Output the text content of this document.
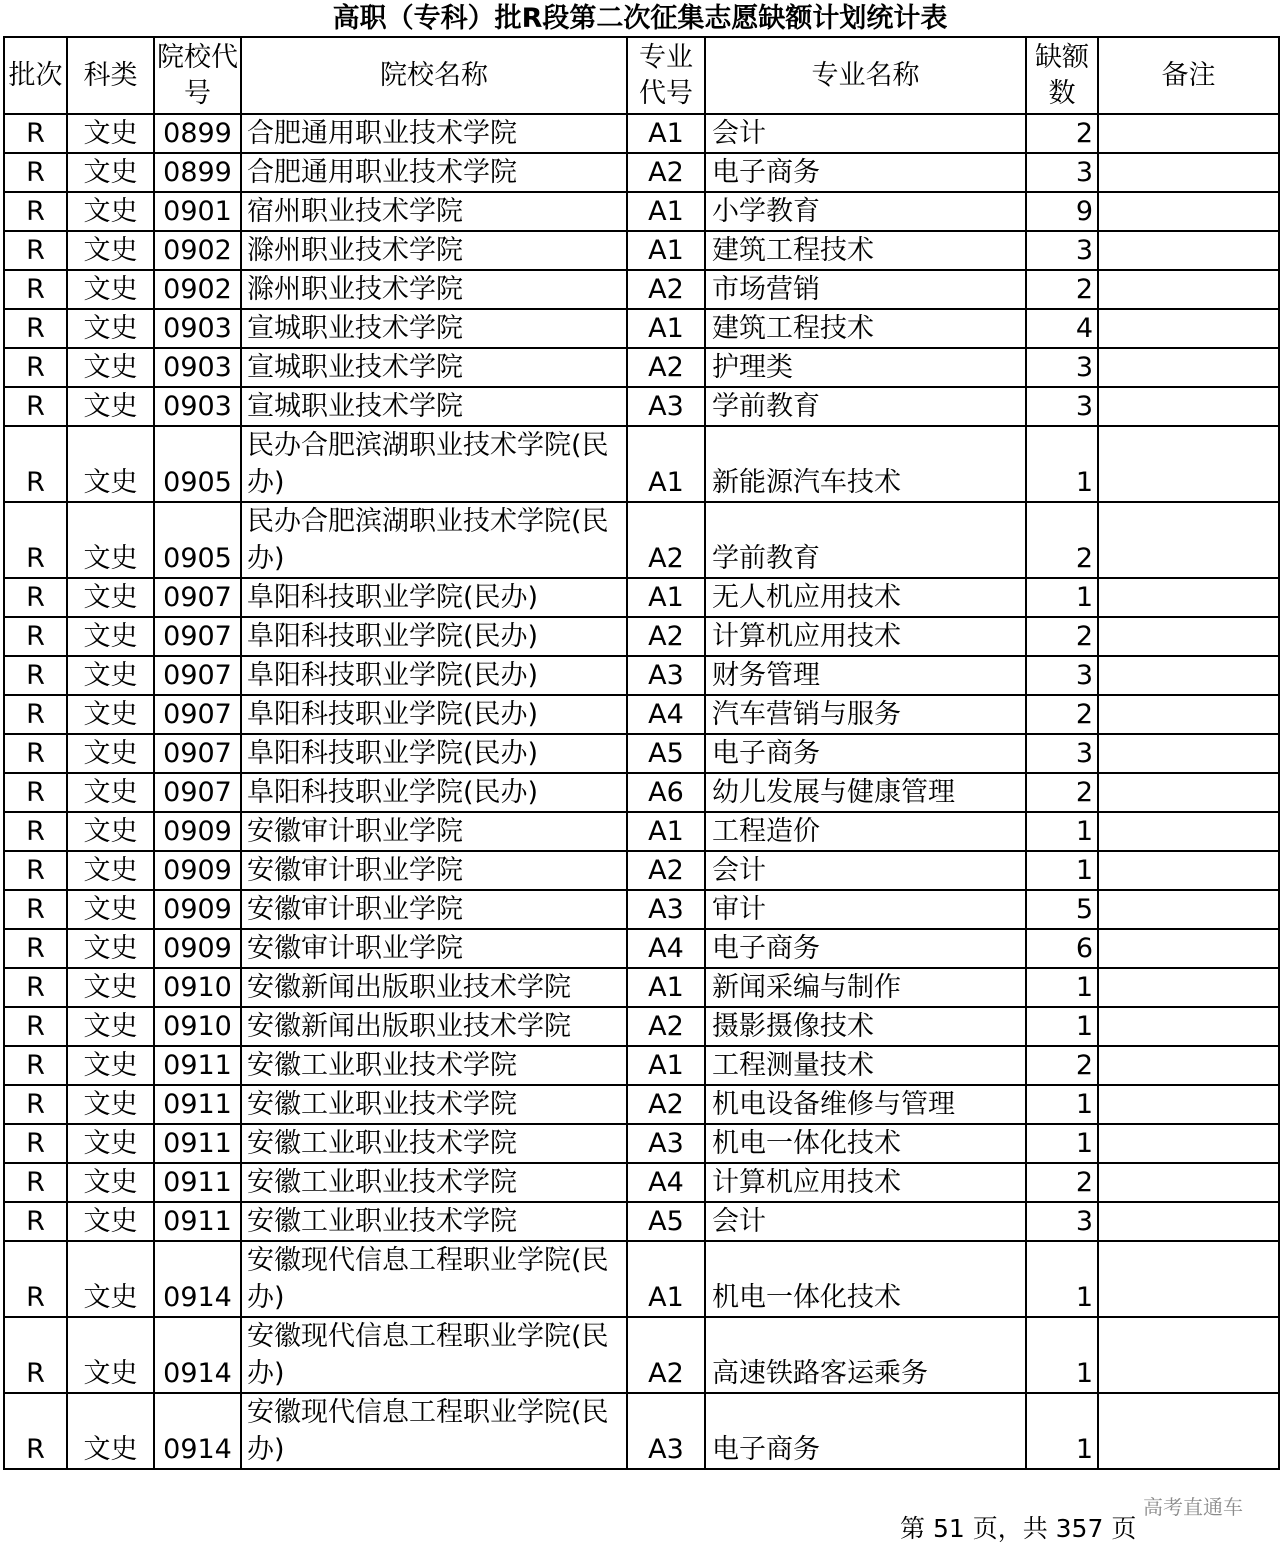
高职（专科）批R段第二次征集志愿缺额计划统计表
批次	科类	院校代号	院校名称	专业代号	专业名称	缺额数	备注
R	文史	0899	合肥通用职业技术学院	A1	会计	2	
R	文史	0899	合肥通用职业技术学院	A2	电子商务	3	
R	文史	0901	宿州职业技术学院	A1	小学教育	9	
R	文史	0902	滁州职业技术学院	A1	建筑工程技术	3	
R	文史	0902	滁州职业技术学院	A2	市场营销	2	
R	文史	0903	宣城职业技术学院	A1	建筑工程技术	4	
R	文史	0903	宣城职业技术学院	A2	护理类	3	
R	文史	0903	宣城职业技术学院	A3	学前教育	3	
R	文史	0905	民办合肥滨湖职业技术学院(民办)	A1	新能源汽车技术	1	
R	文史	0905	民办合肥滨湖职业技术学院(民办)	A2	学前教育	2	
R	文史	0907	阜阳科技职业学院(民办)	A1	无人机应用技术	1	
R	文史	0907	阜阳科技职业学院(民办)	A2	计算机应用技术	2	
R	文史	0907	阜阳科技职业学院(民办)	A3	财务管理	3	
R	文史	0907	阜阳科技职业学院(民办)	A4	汽车营销与服务	2	
R	文史	0907	阜阳科技职业学院(民办)	A5	电子商务	3	
R	文史	0907	阜阳科技职业学院(民办)	A6	幼儿发展与健康管理	2	
R	文史	0909	安徽审计职业学院	A1	工程造价	1	
R	文史	0909	安徽审计职业学院	A2	会计	1	
R	文史	0909	安徽审计职业学院	A3	审计	5	
R	文史	0909	安徽审计职业学院	A4	电子商务	6	
R	文史	0910	安徽新闻出版职业技术学院	A1	新闻采编与制作	1	
R	文史	0910	安徽新闻出版职业技术学院	A2	摄影摄像技术	1	
R	文史	0911	安徽工业职业技术学院	A1	工程测量技术	2	
R	文史	0911	安徽工业职业技术学院	A2	机电设备维修与管理	1	
R	文史	0911	安徽工业职业技术学院	A3	机电一体化技术	1	
R	文史	0911	安徽工业职业技术学院	A4	计算机应用技术	2	
R	文史	0911	安徽工业职业技术学院	A5	会计	3	
R	文史	0914	安徽现代信息工程职业学院(民办)	A1	机电一体化技术	1	
R	文史	0914	安徽现代信息工程职业学院(民办)	A2	高速铁路客运乘务	1	
R	文史	0914	安徽现代信息工程职业学院(民办)	A3	电子商务	1	
高考直通车
第 51 页，共 357 页
